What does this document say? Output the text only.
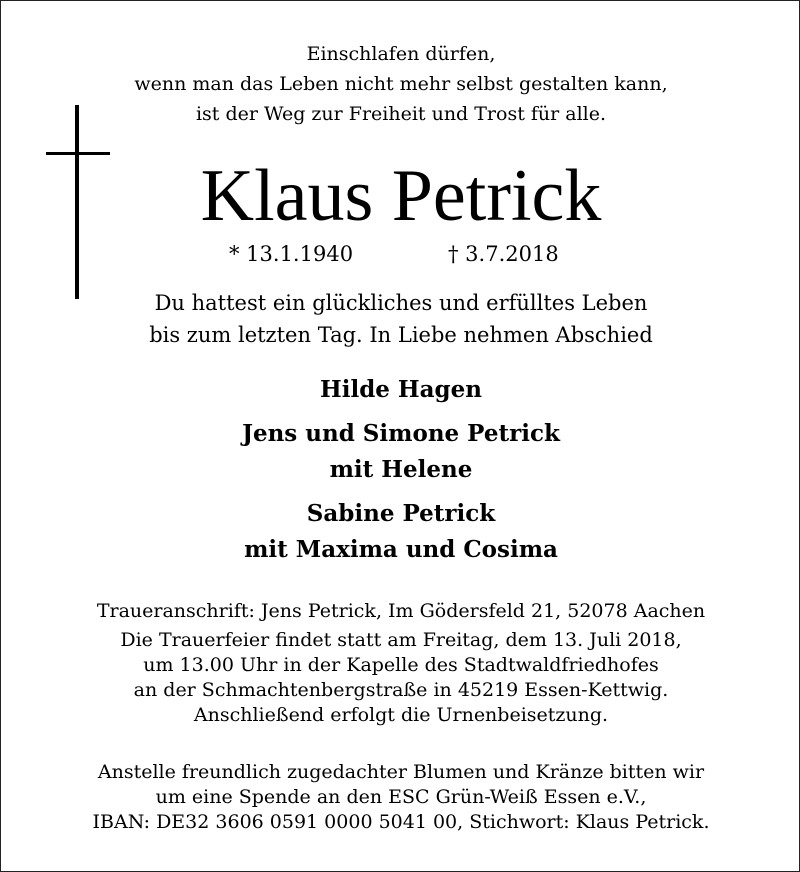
Einschlafen dürfen,
wenn man das Leben nicht mehr selbst gestalten kann,
ist der Weg zur Freiheit und Trost für alle.
Klaus Petrick
* 13.1.1940	† 3.7.2018
Du hattest ein glückliches und erfülltes Leben
bis zum letzten Tag. In Liebe nehmen Abschied
Hilde Hagen
Jens und Simone Petrick
mit Helene
Sabine Petrick
mit Maxima und Cosima
Traueranschrift: Jens Petrick, Im Gödersfeld 21, 52078 Aachen
Die Trauerfeier findet statt am Freitag, dem 13. Juli 2018,
um 13.00 Uhr in der Kapelle des Stadtwaldfriedhofes
an der Schmachtenbergstraße in 45219 Essen-Kettwig.
Anschließend erfolgt die Urnenbeisetzung.
Anstelle freundlich zugedachter Blumen und Kränze bitten wir
um eine Spende an den ESC Grün-Weiß Essen e.V.,
IBAN: DE32 3606 0591 0000 5041 00, Stichwort: Klaus Petrick.
